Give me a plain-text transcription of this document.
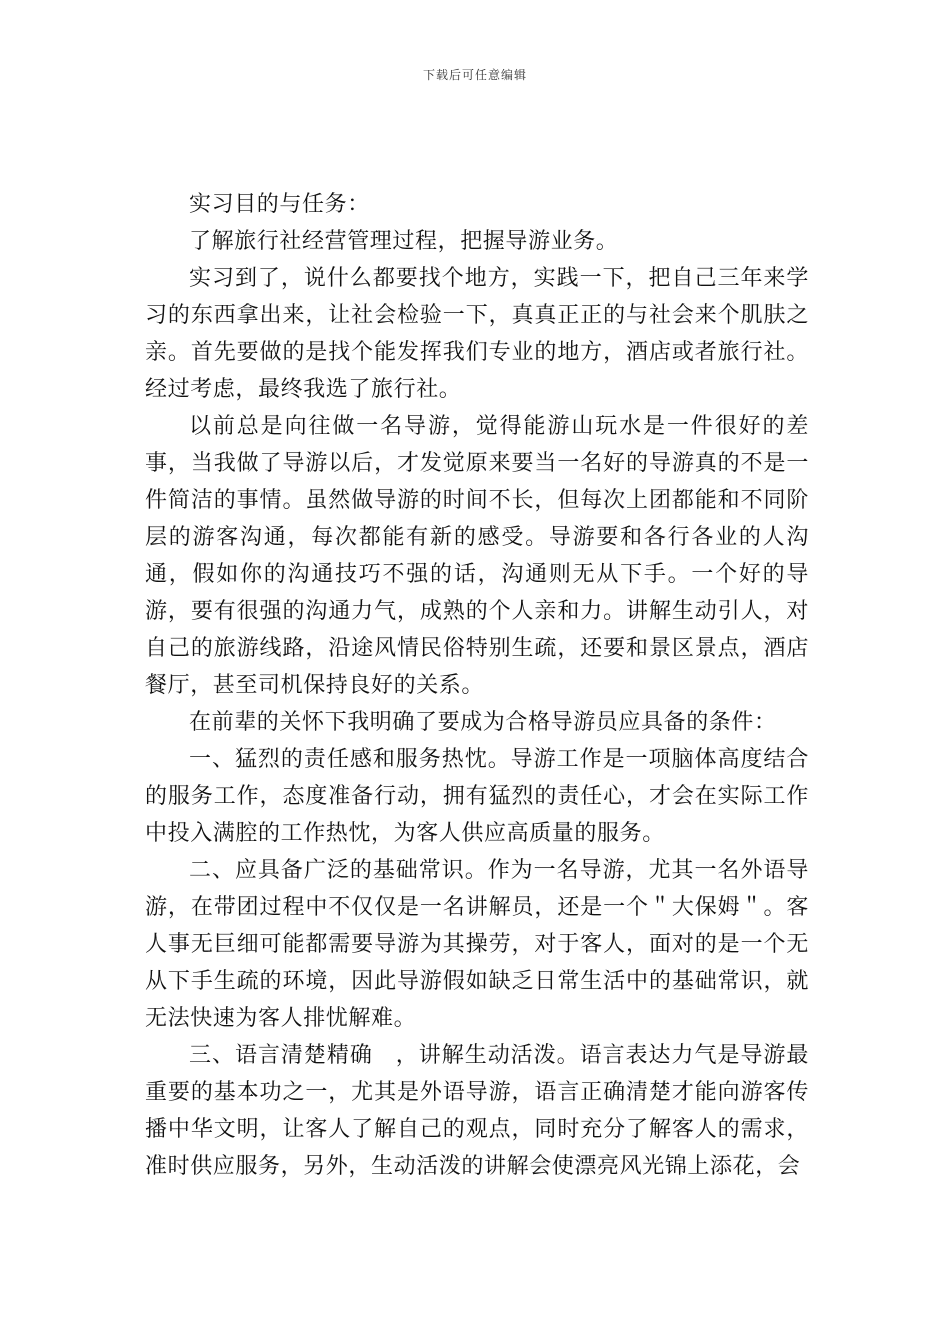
下载后可任意编辑

实习目的与任务：

了解旅行社经营管理过程，把握导游业务。

实习到了，说什么都要找个地方，实践一下，把自己三年来学习的东西拿出来，让社会检验一下，真真正正的与社会来个肌肤之亲。首先要做的是找个能发挥我们专业的地方，酒店或者旅行社。经过考虑，最终我选了旅行社。

以前总是向往做一名导游，觉得能游山玩水是一件很好的差事，当我做了导游以后，才发觉原来要当一名好的导游真的不是一件简洁的事情。虽然做导游的时间不长，但每次上团都能和不同阶层的游客沟通，每次都能有新的感受。导游要和各行各业的人沟通，假如你的沟通技巧不强的话，沟通则无从下手。一个好的导游，要有很强的沟通力气，成熟的个人亲和力。讲解生动引人，对自己的旅游线路，沿途风情民俗特别生疏，还要和景区景点，酒店餐厅，甚至司机保持良好的关系。

在前辈的关怀下我明确了要成为合格导游员应具备的条件：

一、猛烈的责任感和服务热忱。导游工作是一项脑体高度结合的服务工作，态度准备行动，拥有猛烈的责任心，才会在实际工作中投入满腔的工作热忱，为客人供应高质量的服务。

二、应具备广泛的基础常识。作为一名导游，尤其一名外语导游，在带团过程中不仅仅是一名讲解员，还是一个＂大保姆＂。客人事无巨细可能都需要导游为其操劳，对于客人，面对的是一个无从下手生疏的环境，因此导游假如缺乏日常生活中的基础常识，就无法快速为客人排忧解难。

三、语言清楚精确　，讲解生动活泼。语言表达力气是导游最重要的基本功之一，尤其是外语导游，语言正确清楚才能向游客传播中华文明，让客人了解自己的观点，同时充分了解客人的需求，准时供应服务，另外，生动活泼的讲解会使漂亮风光锦上添花，会
